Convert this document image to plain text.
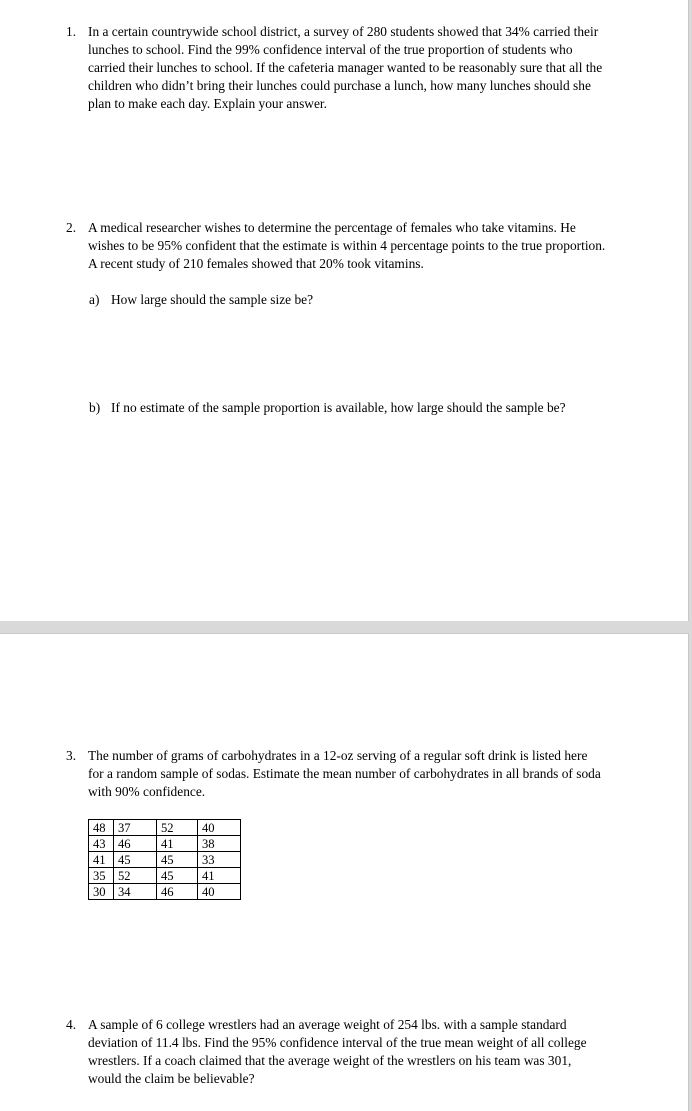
1. In a certain countrywide school district, a survey of 280 students showed that 34% carried their lunches to school. Find the 99% confidence interval of the true proportion of students who carried their lunches to school. If the cafeteria manager wanted to be reasonably sure that all the children who didn’t bring their lunches could purchase a lunch, how many lunches should she plan to make each day. Explain your answer.
2. A medical researcher wishes to determine the percentage of females who take vitamins. He wishes to be 95% confident that the estimate is within 4 percentage points to the true proportion. A recent study of 210 females showed that 20% took vitamins.
a) How large should the sample size be?
b) If no estimate of the sample proportion is available, how large should the sample be?
3. The number of grams of carbohydrates in a 12-oz serving of a regular soft drink is listed here for a random sample of sodas. Estimate the mean number of carbohydrates in all brands of soda with 90% confidence.
48	37	52	40
43	46	41	38
41	45	45	33
35	52	45	41
30	34	46	40
4. A sample of 6 college wrestlers had an average weight of 254 lbs. with a sample standard deviation of 11.4 lbs. Find the 95% confidence interval of the true mean weight of all college wrestlers. If a coach claimed that the average weight of the wrestlers on his team was 301, would the claim be believable?
